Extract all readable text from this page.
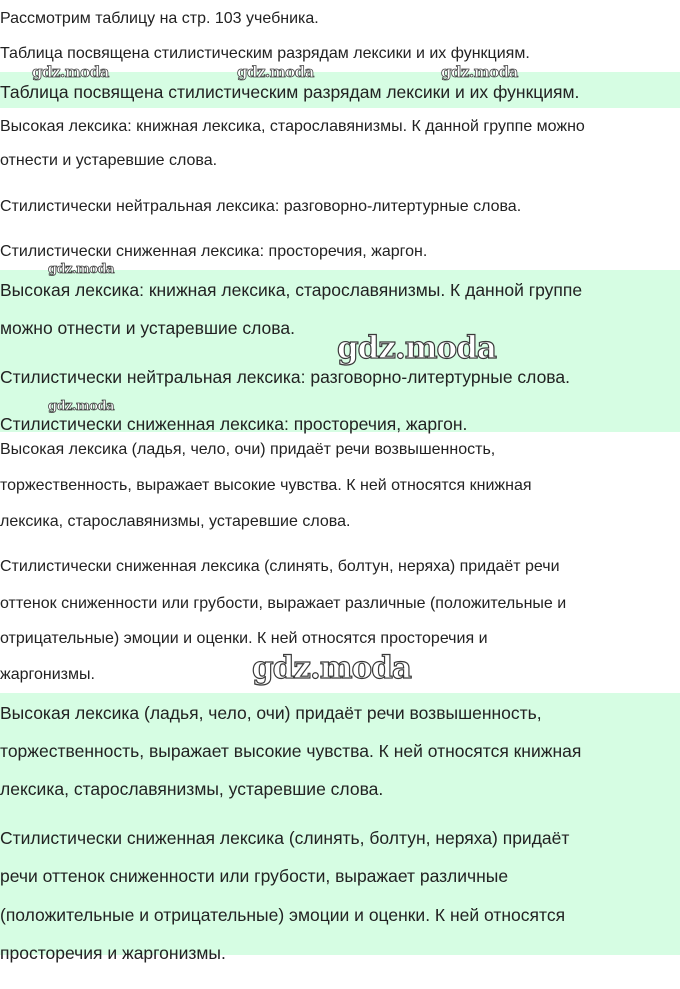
Рассмотрим таблицу на стр. 103 учебника.
Таблица посвящена стилистическим разрядам лексики и их функциям.
Таблица посвящена стилистическим разрядам лексики и их функциям.
Высокая лексика: книжная лексика, старославянизмы. К данной группе можно
отнести и устаревшие слова.
Стилистически нейтральная лексика: разговорно-литертурные слова.
Стилистически сниженная лексика: просторечия, жаргон.
Высокая лексика: книжная лексика, старославянизмы. К данной группе
можно отнести и устаревшие слова.
Стилистически нейтральная лексика: разговорно-литертурные слова.
Стилистически сниженная лексика: просторечия, жаргон.
Высокая лексика (ладья, чело, очи) придаёт речи возвышенность,
торжественность, выражает высокие чувства. К ней относятся книжная
лексика, старославянизмы, устаревшие слова.
Стилистически сниженная лексика (слинять, болтун, неряха) придаёт речи
оттенок сниженности или грубости, выражает различные (положительные и
отрицательные) эмоции и оценки. К ней относятся просторечия и
жаргонизмы.
Высокая лексика (ладья, чело, очи) придаёт речи возвышенность,
торжественность, выражает высокие чувства. К ней относятся книжная
лексика, старославянизмы, устаревшие слова.
Стилистически сниженная лексика (слинять, болтун, неряха) придаёт
речи оттенок сниженности или грубости, выражает различные
(положительные и отрицательные) эмоции и оценки. К ней относятся
просторечия и жаргонизмы.
gdz.moda	gdz.moda	gdz.moda
gdz.moda
gdz.moda
gdz.moda
gdz.moda
